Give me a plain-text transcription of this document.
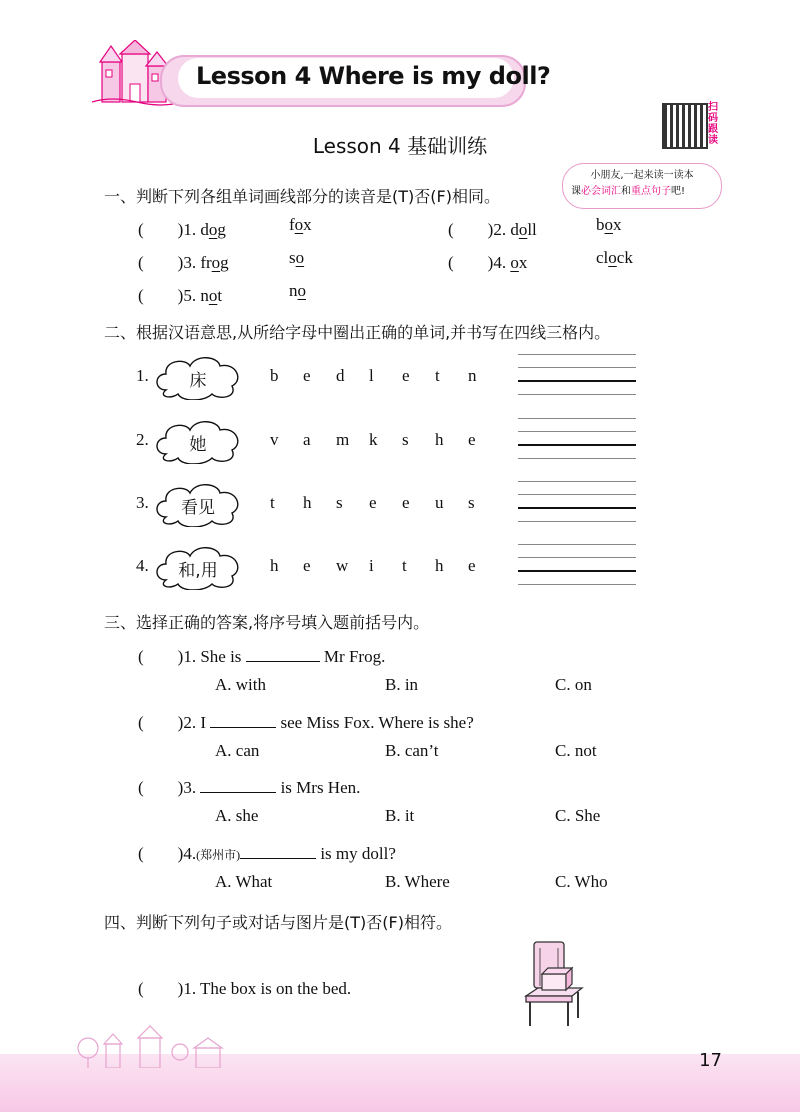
Lesson 4 Where is my doll?
扫码跟读
Lesson 4 基础训练
小朋友,一起来读一读本
课必会词汇和重点句子吧!
一、判断下列各组单词画线部分的读音是(T)否(F)相同。
(　　)1. dog	fox	(　　)2. doll	box
(　　)3. frog	so	(　　)4. ox	clock
(　　)5. not	no
二、根据汉语意思,从所给字母中圈出正确的单词,并书写在四线三格内。
1.	床	b e d l e t n
2.	她	v a m k s h e
3.	看见	t h s e e u s
4.	和,用	h e w i t h e
三、选择正确的答案,将序号填入题前括号内。
(　　)1. She is	Mr Frog.
A. with	B. in	C. on
(　　)2. I	see Miss Fox. Where is she?
A. can	B. can’t	C. not
(　　)3.	is Mrs Hen.
A. she	B. it	C. She
(　　)4.(郑州市)	is my doll?
A. What	B. Where	C. Who
四、判断下列句子或对话与图片是(T)否(F)相符。
(　　)1. The box is on the bed.
17
